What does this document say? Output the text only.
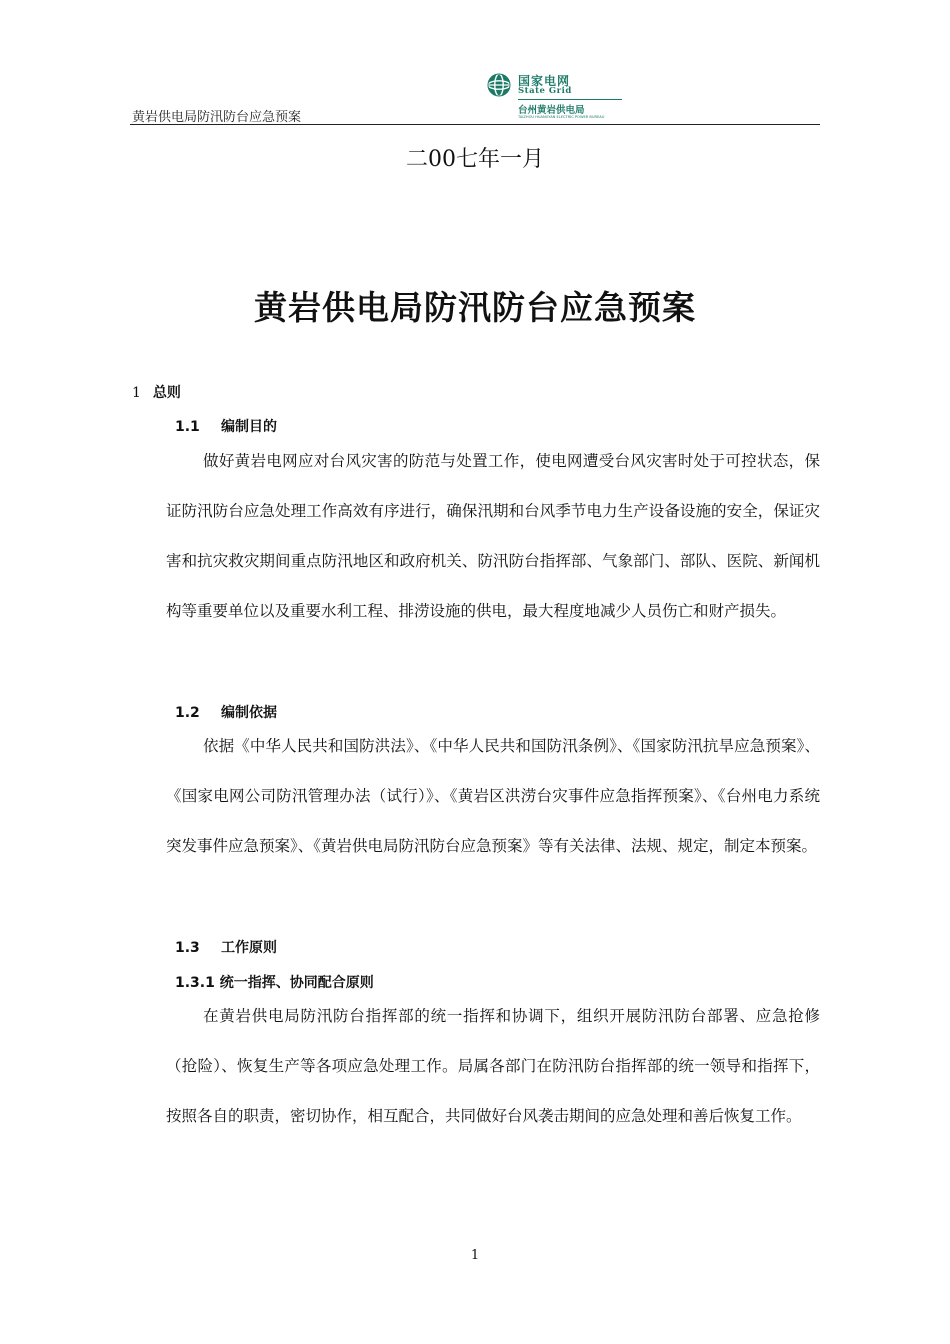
黄岩供电局防汛防台应急预案
国家电网
State Grid
台州黄岩供电局
TAIZHOU HUANGYAN ELECTRIC POWER BUREAU
二00七年一月
黄岩供电局防汛防台应急预案
1 总则
1.1 编制目的
做好黄岩电网应对台风灾害的防范与处置工作，使电网遭受台风灾害时处于可控状态，保证防汛防台应急处理工作高效有序进行，确保汛期和台风季节电力生产设备设施的安全，保证灾害和抗灾救灾期间重点防汛地区和政府机关、防汛防台指挥部、气象部门、部队、医院、新闻机构等重要单位以及重要水利工程、排涝设施的供电，最大程度地减少人员伤亡和财产损失。
1.2 编制依据
依据《中华人民共和国防洪法》、《中华人民共和国防汛条例》、《国家防汛抗旱应急预案》、《国家电网公司防汛管理办法（试行）》、《黄岩区洪涝台灾事件应急指挥预案》、《台州电力系统突发事件应急预案》、《黄岩供电局防汛防台应急预案》等有关法律、法规、规定，制定本预案。
1.3 工作原则
1.3.1 统一指挥、协同配合原则
在黄岩供电局防汛防台指挥部的统一指挥和协调下，组织开展防汛防台部署、应急抢修（抢险）、恢复生产等各项应急处理工作。局属各部门在防汛防台指挥部的统一领导和指挥下，按照各自的职责，密切协作，相互配合，共同做好台风袭击期间的应急处理和善后恢复工作。
1
